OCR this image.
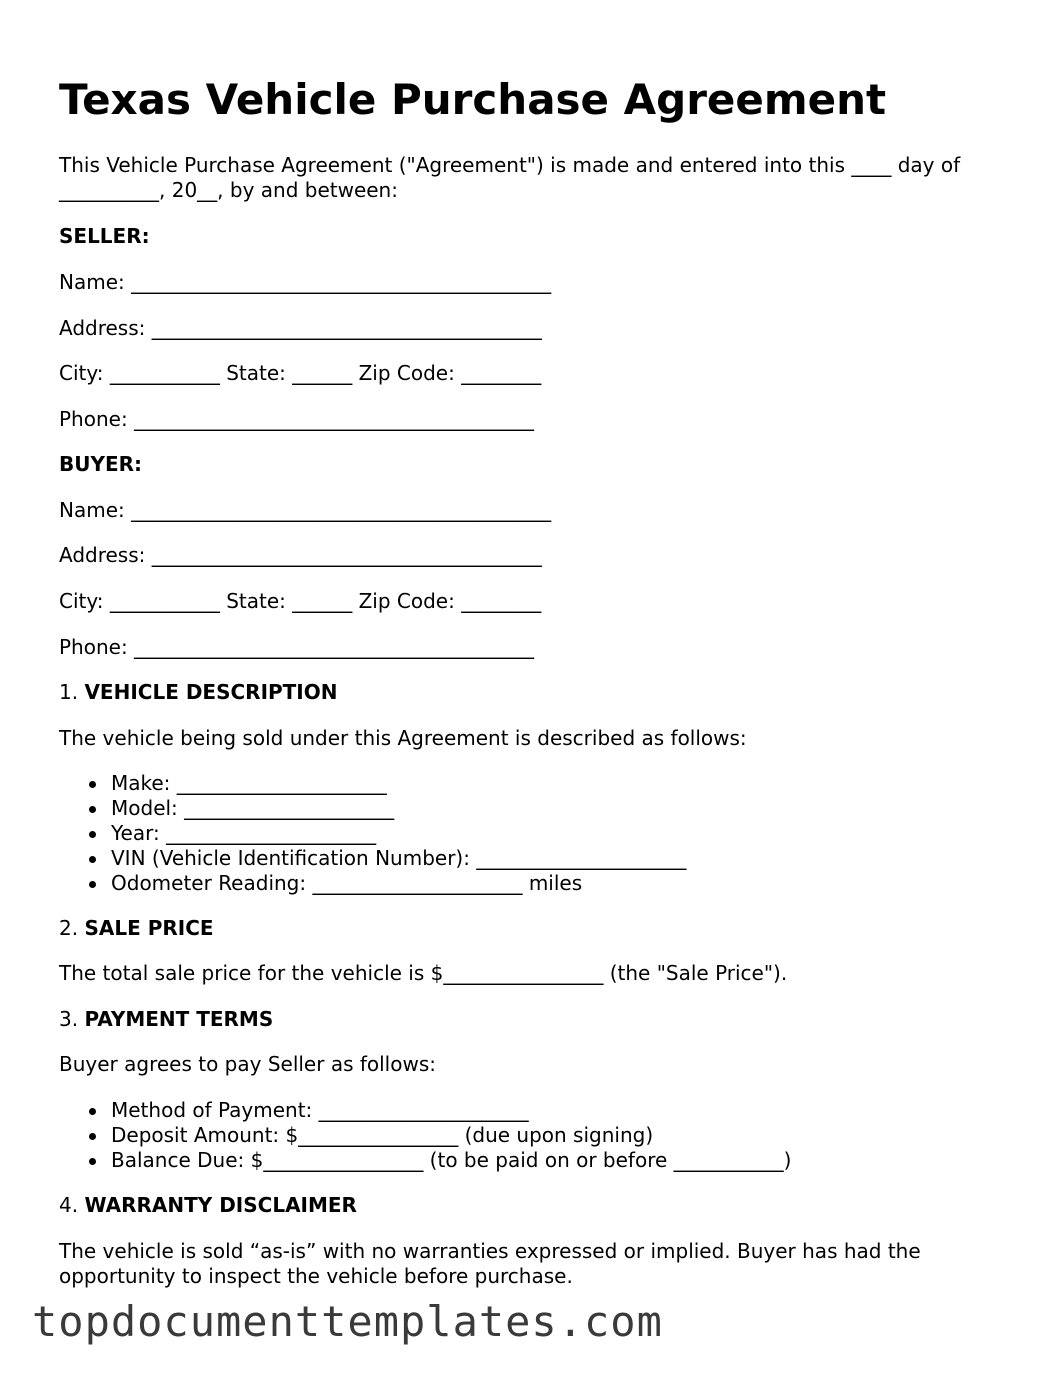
Texas Vehicle Purchase Agreement

This Vehicle Purchase Agreement ("Agreement") is made and entered into this ____ day of __________, 20__, by and between:

SELLER:

Name: __________________________________________

Address: _______________________________________

City: ___________ State: ______ Zip Code: ________

Phone: ________________________________________

BUYER:

Name: __________________________________________

Address: _______________________________________

City: ___________ State: ______ Zip Code: ________

Phone: ________________________________________

1. VEHICLE DESCRIPTION

The vehicle being sold under this Agreement is described as follows:

Make: _____________________
Model: _____________________
Year: _____________________
VIN (Vehicle Identification Number): _____________________
Odometer Reading: _____________________ miles

2. SALE PRICE

The total sale price for the vehicle is $________________ (the "Sale Price").

3. PAYMENT TERMS

Buyer agrees to pay Seller as follows:

Method of Payment: _____________________
Deposit Amount: $________________ (due upon signing)
Balance Due: $________________ (to be paid on or before ___________)

4. WARRANTY DISCLAIMER

The vehicle is sold “as-is” with no warranties expressed or implied. Buyer has had the

opportunity to inspect the vehicle before purchase.

topdocumenttemplates.com
